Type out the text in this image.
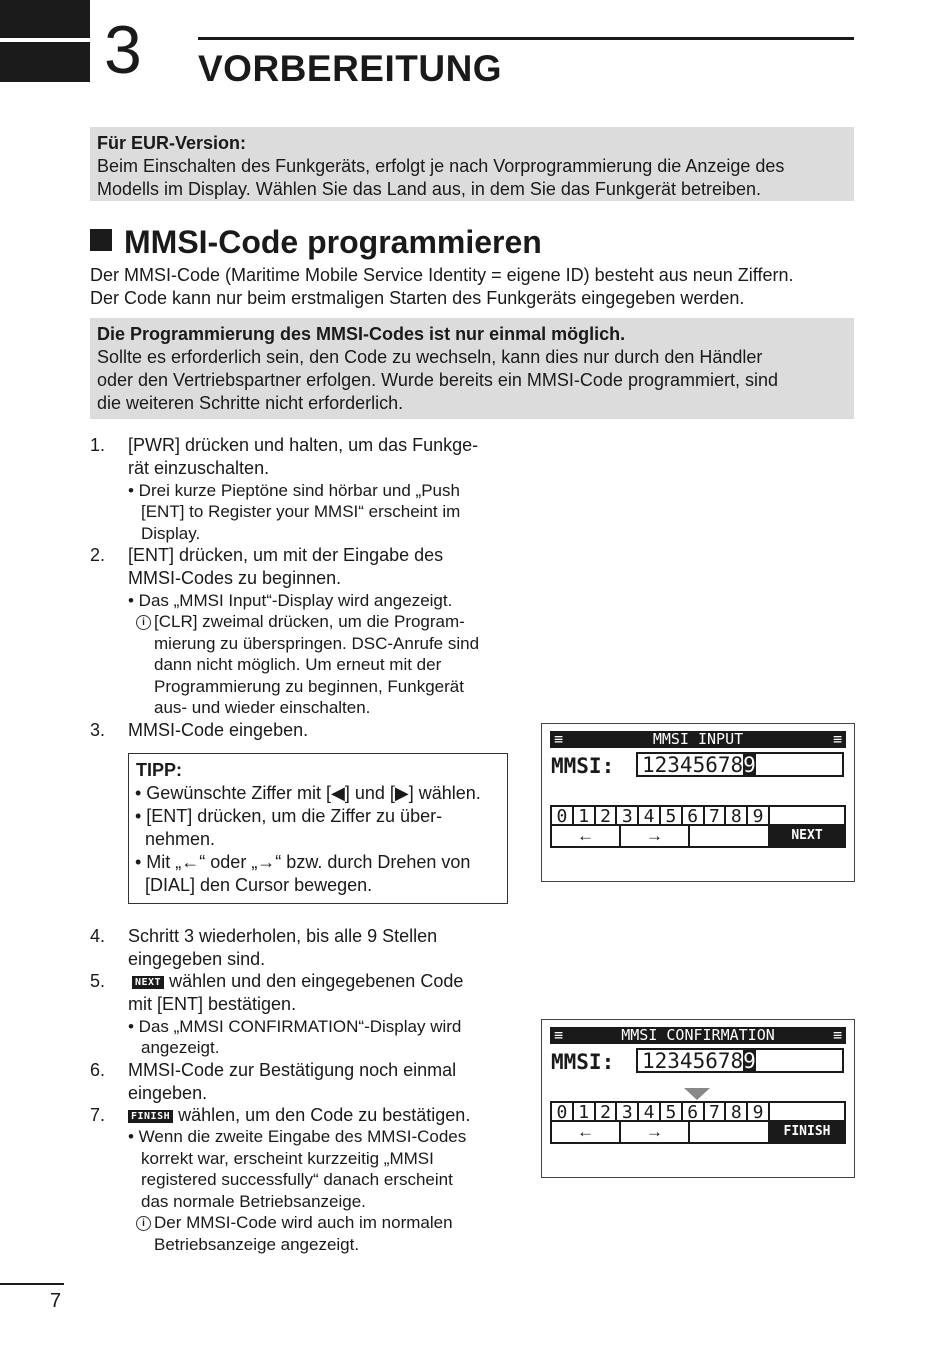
3 VORBEREITUNG
Für EUR-Version:
Beim Einschalten des Funkgeräts, erfolgt je nach Vorprogrammierung die Anzeige des
Modells im Display. Wählen Sie das Land aus, in dem Sie das Funkgerät betreiben.
MMSI-Code programmieren
Der MMSI-Code (Maritime Mobile Service Identity = eigene ID) besteht aus neun Ziffern.
Der Code kann nur beim erstmaligen Starten des Funkgeräts eingegeben werden.
Die Programmierung des MMSI-Codes ist nur einmal möglich.
Sollte es erforderlich sein, den Code zu wechseln, kann dies nur durch den Händler
oder den Vertriebspartner erfolgen. Wurde bereits ein MMSI-Code programmiert, sind
die weiteren Schritte nicht erforderlich.
1. [PWR] drücken und halten, um das Funkge-
rät einzuschalten.
• Drei kurze Pieptöne sind hörbar und „Push
[ENT] to Register your MMSI“ erscheint im
Display.
2. [ENT] drücken, um mit der Eingabe des
MMSI-Codes zu beginnen.
• Das „MMSI Input“-Display wird angezeigt.
i [CLR] zweimal drücken, um die Program-
mierung zu überspringen. DSC-Anrufe sind
dann nicht möglich. Um erneut mit der
Programmierung zu beginnen, Funkgerät
aus- und wieder einschalten.
3. MMSI-Code eingeben.
TIPP:
• Gewünschte Ziffer mit [◀] und [▶] wählen.
• [ENT] drücken, um die Ziffer zu über-
nehmen.
• Mit „←“ oder „→“ bzw. durch Drehen von
[DIAL] den Cursor bewegen.
4. Schritt 3 wiederholen, bis alle 9 Stellen
eingegeben sind.
5.	NEXT wählen und den eingegebenen Code
mit [ENT] bestätigen.
• Das „MMSI CONFIRMATION“-Display wird
angezeigt.
6. MMSI-Code zur Bestätigung noch einmal
eingeben.
7.	FINISH wählen, um den Code zu bestätigen.
• Wenn die zweite Eingabe des MMSI-Codes
korrekt war, erscheint kurzzeitig „MMSI
registered successfully“ danach erscheint
das normale Betriebsanzeige.
i Der MMSI-Code wird auch im normalen
Betriebsanzeige angezeigt.
≡	MMSI INPUT	≡
MMSI: 123456789
0 1 2 3 4 5 6 7 8 9
←	→	NEXT
≡	MMSI CONFIRMATION	≡
MMSI: 123456789
0 1 2 3 4 5 6 7 8 9
←	→	FINISH
7
